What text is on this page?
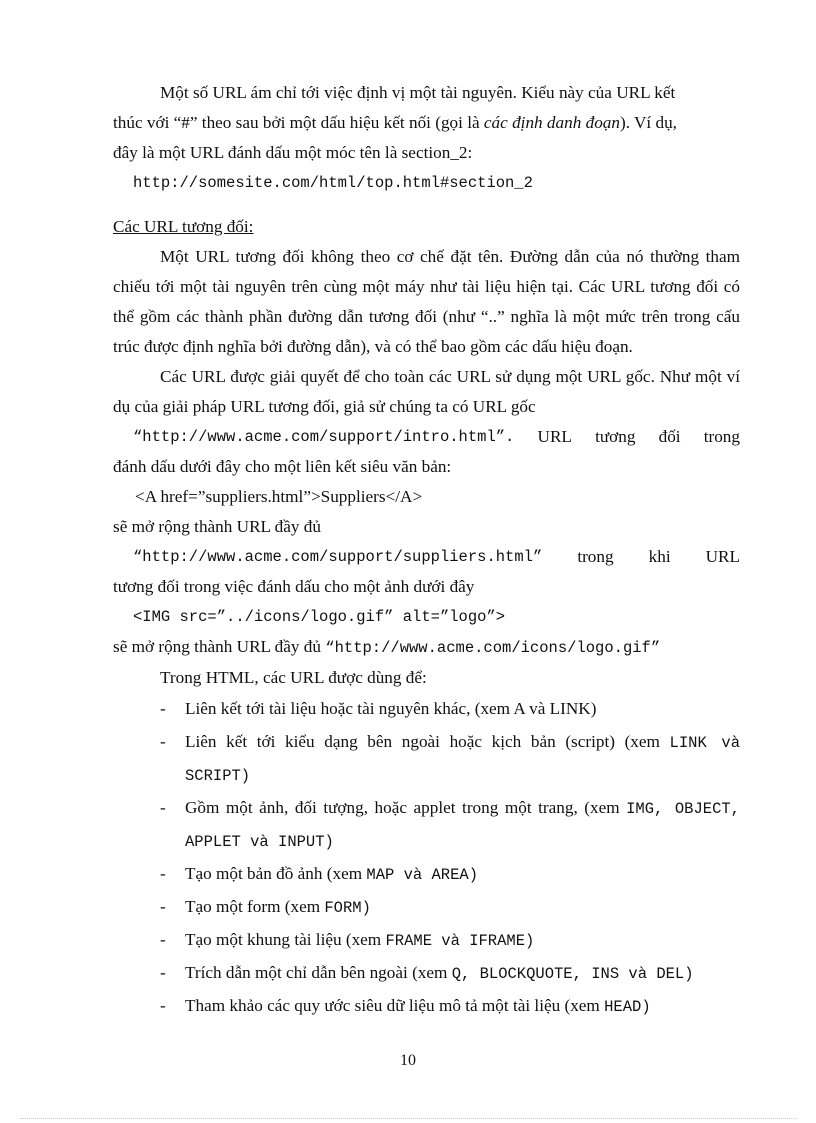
Một số URL ám chỉ tới việc định vị một tài nguyên. Kiểu này của URL kết

thúc với “#” theo sau bởi một dấu hiệu kết nối (gọi là các định danh đoạn). Ví dụ,

đây là một URL đánh dấu một móc tên là section_2:

http://somesite.com/html/top.html#section_2

Các URL tương đối:

Một URL tương đối không theo cơ chế đặt tên. Đường dẫn của nó thường tham chiếu tới một tài nguyên trên cùng một máy như tài liệu hiện tại. Các URL tương đối có thể gồm các thành phần đường dẫn tương đối (như “..” nghĩa là một mức trên trong cấu trúc được định nghĩa bởi đường dẫn), và có thể bao gồm các dấu hiệu đoạn.

Các URL được giải quyết để cho toàn các URL sử dụng một URL gốc. Như một ví dụ của giải pháp URL tương đối, giả sử chúng ta có URL gốc

“http://www.acme.com/support/intro.html”. URL tương đối trong

đánh dấu dưới đây cho một liên kết siêu văn bản:

<A href=”suppliers.html”>Suppliers</A>

sẽ mở rộng thành URL đầy đủ

“http://www.acme.com/support/suppliers.html” trong khi URL

tương đối trong việc đánh dấu cho một ảnh dưới đây

<IMG src=”../icons/logo.gif” alt=”logo”>

sẽ mở rộng thành URL đầy đủ “http://www.acme.com/icons/logo.gif”

Trong HTML, các URL được dùng để:

- Liên kết tới tài liệu hoặc tài nguyên khác, (xem A và LINK)
- Liên kết tới kiểu dạng bên ngoài hoặc kịch bản (script) (xem LINK và SCRIPT)
- Gồm một ảnh, đối tượng, hoặc applet trong một trang, (xem IMG, OBJECT, APPLET và INPUT)
- Tạo một bản đồ ảnh (xem MAP và AREA)
- Tạo một form (xem FORM)
- Tạo một khung tài liệu (xem FRAME và IFRAME)
- Trích dẫn một chỉ dẫn bên ngoài (xem Q, BLOCKQUOTE, INS và DEL)
- Tham khảo các quy ước siêu dữ liệu mô tả một tài liệu (xem HEAD)
10
